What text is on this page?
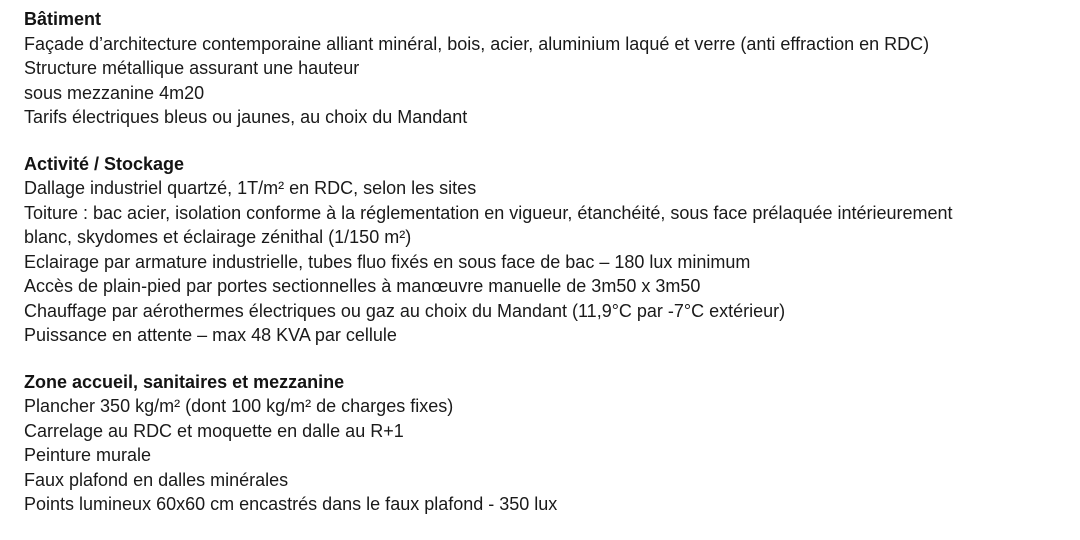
Bâtiment
Façade d’architecture contemporaine alliant minéral, bois, acier, aluminium laqué et verre (anti effraction en RDC)
Structure métallique assurant une hauteur
sous mezzanine 4m20
Tarifs électriques bleus ou jaunes, au choix du Mandant
Activité / Stockage
Dallage industriel quartzé, 1T/m² en RDC, selon les sites
Toiture : bac acier, isolation conforme à la réglementation en vigueur, étanchéité, sous face prélaquée intérieurement blanc, skydomes et éclairage zénithal (1/150 m²)
Eclairage par armature industrielle, tubes fluo fixés en sous face de bac – 180 lux minimum
Accès de plain-pied par portes sectionnelles à manœuvre manuelle de 3m50 x 3m50
Chauffage par aérothermes électriques ou gaz au choix du Mandant (11,9°C par -7°C extérieur)
Puissance en attente – max 48 KVA par cellule
Zone accueil, sanitaires et mezzanine
Plancher 350 kg/m² (dont 100 kg/m² de charges fixes)
Carrelage au RDC et moquette en dalle au R+1
Peinture murale
Faux plafond en dalles minérales
Points lumineux 60x60 cm encastrés dans le faux plafond - 350 lux
